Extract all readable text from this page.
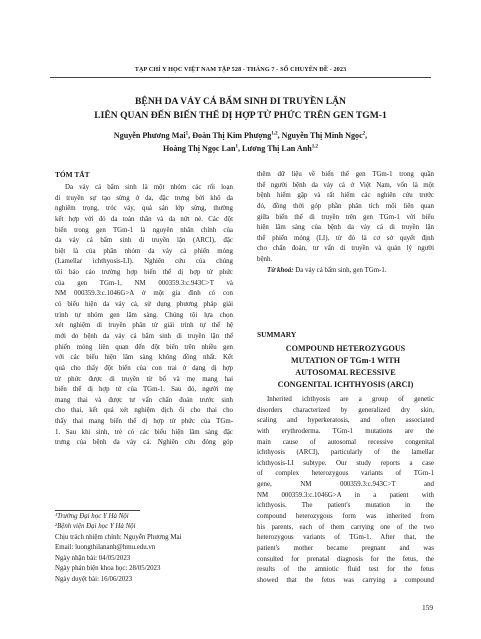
TẠP CHÍ Y HỌC VIỆT NAM TẬP 528 - THÁNG 7 - SỐ CHUYÊN ĐỀ - 2023
BỆNH DA VẢY CÁ BẨM SINH DI TRUYỀN LẶN
LIÊN QUAN ĐẾN BIẾN THỂ DỊ HỢP TỬ PHỨC TRÊN GEN TGM-1
Nguyễn Phương Mai$^1$, Đoàn Thị Kim Phượng$^{1,2}$, Nguyễn Thị Minh Ngọc$^2$,
Hoàng Thị Ngọc Lan$^1$, Lương Thị Lan Anh$^{1,2}$
TÓM TẮT
Da vảy cá bẩm sinh là một nhóm các rối loạn
di truyền sự tạo sừng ở da, đặc trưng bởi khô da
nghiêm trọng, tróc vảy, quá sản lớp sừng, thường
kết hợp với đỏ da toàn thân và da nứt nẻ. Các đột
biến trong gen TGm-1 là nguyên nhân chính của
da vảy cá bẩm sinh di truyền lặn (ARCI), đặc
biệt là của phân nhóm da vảy cá phiến mỏng
(Lamellar ichthyosis-LI). Nghiên cứu của chúng
tôi báo cáo trường hợp biến thể dị hợp tử phức
của gen TGm-1, NM 000359.3:c.943C>T và
NM 000359.3:c.1046G>A ở một gia đình có con
có biểu hiện da vảy cá, sử dụng phương pháp giải
trình tự nhóm gen lâm sàng. Chúng tôi lựa chọn
xét nghiệm di truyền phân tử giải trình tự thế hệ
mới do bệnh da vảy cá bẩm sinh di truyền lặn thể
phiến mỏng liên quan đến đột biến trên nhiều gen
với các biểu hiện lâm sàng không đồng nhất. Kết
quả cho thấy đột biến của con trai ở dạng dị hợp
tử phức được di truyền từ bố và mẹ mang hai
biến thể dị hợp tử của TGm-1. Sau đó, người mẹ
mang thai và được tư vấn chẩn đoán trước sinh
cho thai, kết quả xét nghiệm dịch ối cho thai cho
thấy thai mang biến thể dị hợp tử phức của TGm-
1. Sau khi sinh, trẻ có các biểu hiện lâm sàng đặc
trưng của bệnh da vảy cá. Nghiên cứu đóng góp
thêm dữ liệu về biến thể gen TGm-1 trong quần
thể người bệnh da vảy cá ở Việt Nam, vốn là một
bệnh hiếm gặp và rất hiếm các nghiên cứu trước
đó, đồng thời góp phần phân tích mối liên quan
giữa biến thể di truyền trên gen TGm-1 với biểu
hiện lâm sàng của bệnh da vảy cá di truyền lặn
thể phiến mỏng (LI), từ đó là cơ sở quyết định
cho chẩn đoán, tư vấn di truyền và quản lý người
bệnh.
Từ khoá: Da vảy cá bẩm sinh, gen TGm-1.
SUMMARY
COMPOUND HETEROZYGOUS
MUTATION OF TGm-1 WITH
AUTOSOMAL RECESSIVE
CONGENITAL ICHTHYOSIS (ARCI)
Inherited ichthyosis are a group of genetic
disorders characterized by generalized dry skin,
scaling and hyperkeratosis, and often associated
with erythroderma. TGm-1 mutations are the
main cause of autosomal recessive congenital
ichthyosis (ARCI), particularly of the lamellar
ichthyosis-LI subtype. Our study reports a case
of complex heterozygous variants of TGm-1
gene, NM 000359.3:c.943C>T and
NM 000359.3:c.1046G>A in a patient with
ichthyosis. The patient's mutation in the
compound heterozygous form was inherited from
his parents, each of them carrying one of the two
heterozygous variants of TGm-1. After that, the
patient's mother became pregnant and was
consulted for prenatal diagnosis for the fetus, the
results of the amniotic fluid test for the fetus
showed that the fetus was carrying a compound
¹Trường Đại học Y Hà Nội
²Bệnh viện Đại học Y Hà Nội
Chịu trách nhiệm chính: Nguyễn Phương Mai
Email: luongthilananh@hmu.edu.vn
Ngày nhận bài: 04/05/2023
Ngày phản biện khoa học: 28/05/2023
Ngày duyệt bài: 16/06/2023
159
